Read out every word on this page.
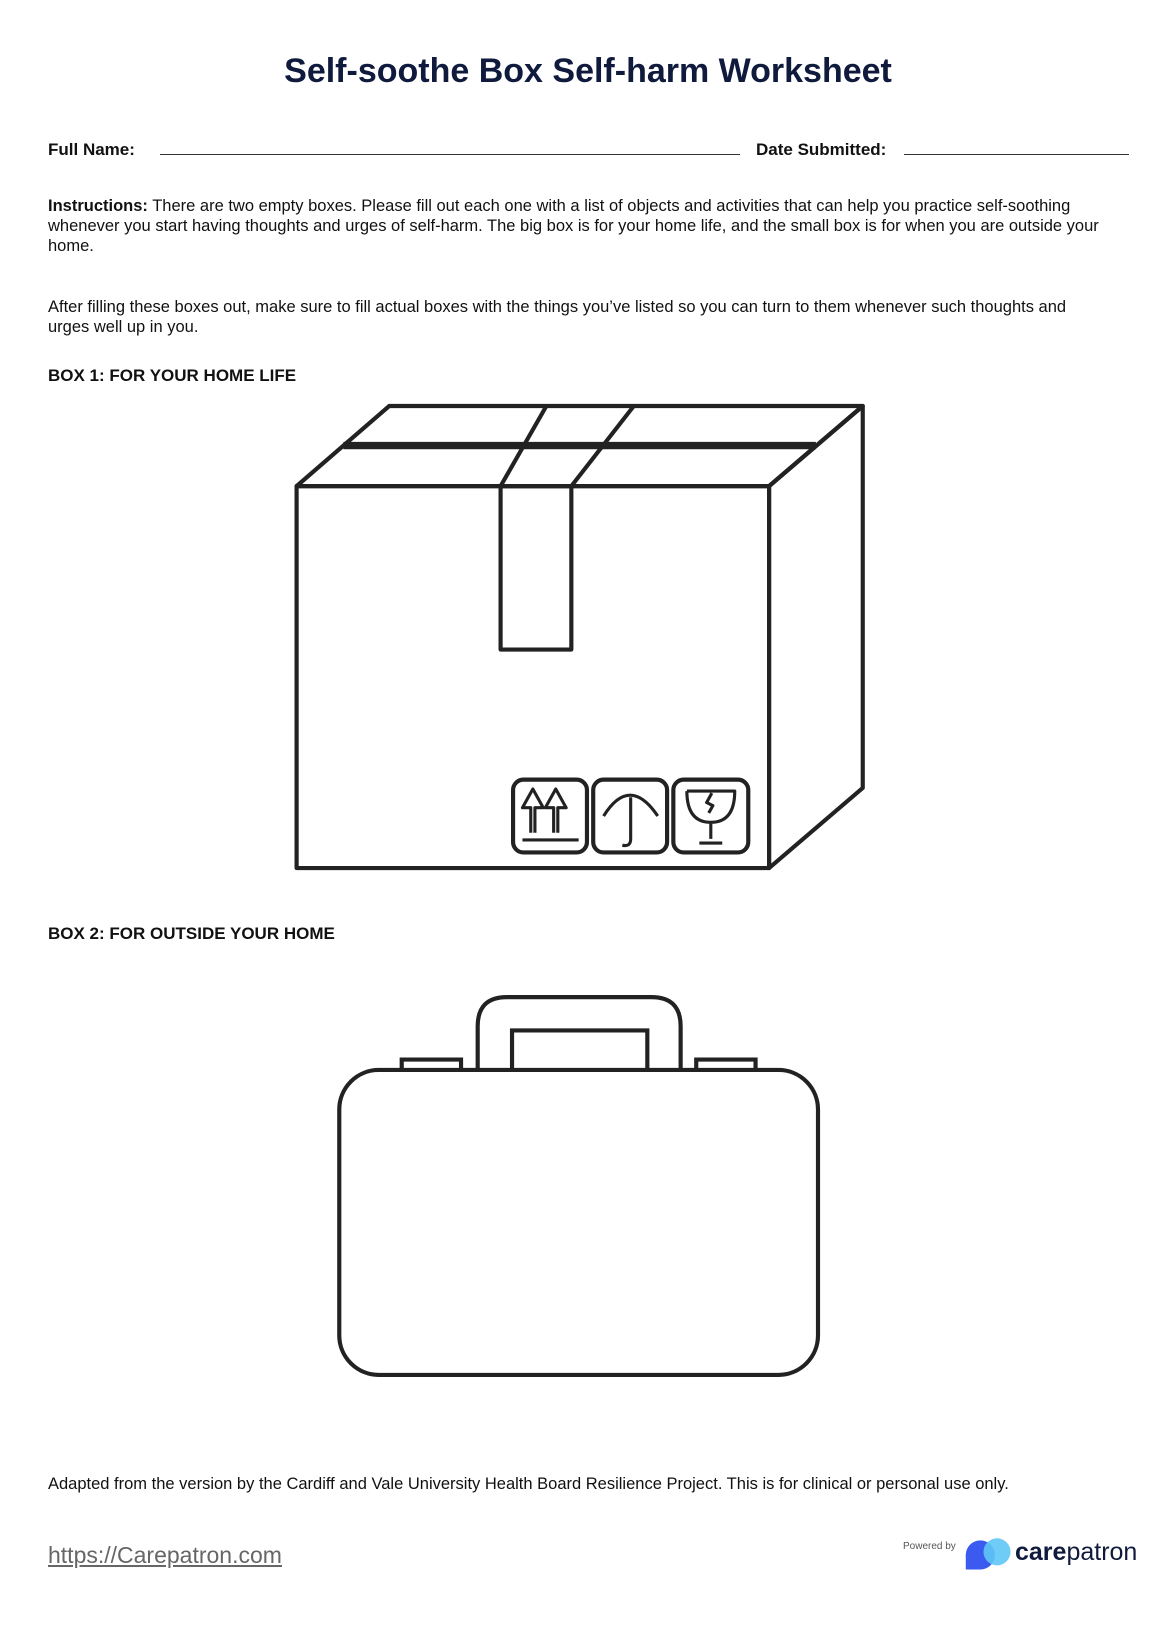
Self-soothe Box Self-harm Worksheet
Full Name:	Date Submitted:
Instructions: There are two empty boxes. Please fill out each one with a list of objects and activities that can help you practice self-soothing whenever you start having thoughts and urges of self-harm. The big box is for your home life, and the small box is for when you are outside your home.
After filling these boxes out, make sure to fill actual boxes with the things you’ve listed so you can turn to them whenever such thoughts and urges well up in you.
BOX 1: FOR YOUR HOME LIFE
BOX 2: FOR OUTSIDE YOUR HOME
Adapted from the version by the Cardiff and Vale University Health Board Resilience Project. This is for clinical or personal use only.
https://Carepatron.com	Powered by carepatron
